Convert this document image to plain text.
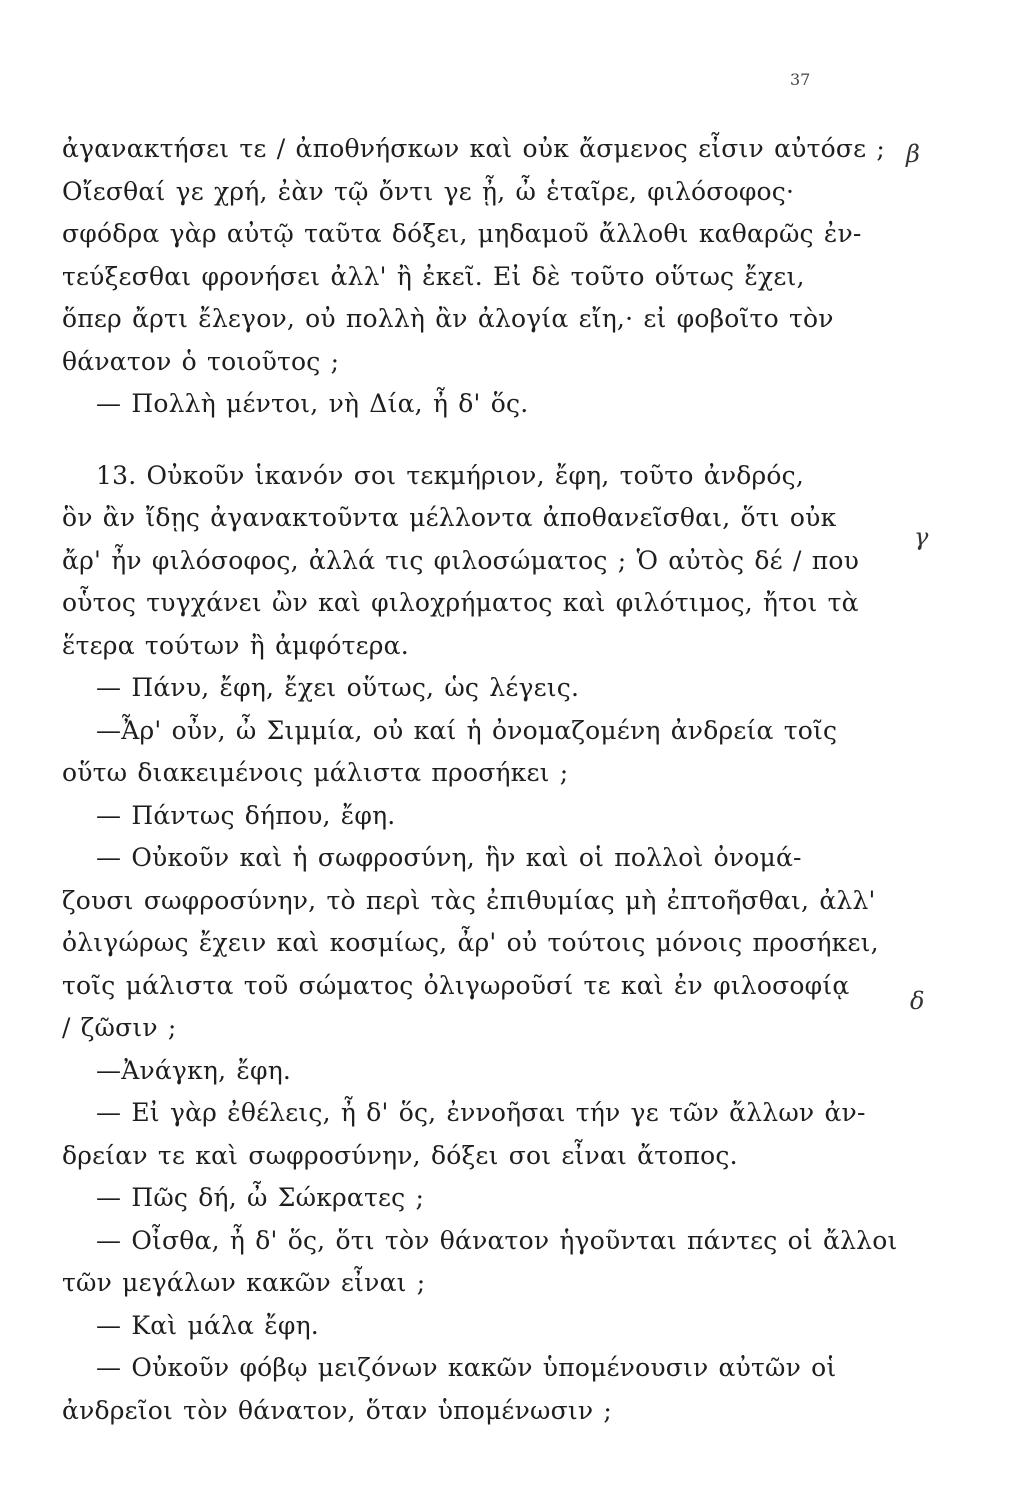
37
β
γ
δ
ἀγανακτήσει τε / ἀποθνήσκων καὶ οὐκ ἄσμενος εἶσιν αὐτόσε ;
Οἴεσθαί γε χρή, ἐὰν τῷ ὄντι γε ᾖ, ὦ ἑταῖρε, φιλόσοφος·
σφόδρα γὰρ αὐτῷ ταῦτα δόξει, μηδαμοῦ ἄλλοθι καθαρῶς ἐν-
τεύξεσθαι φρονήσει ἀλλ' ἢ ἐκεῖ. Εἰ δὲ τοῦτο οὕτως ἔχει,
ὅπερ ἄρτι ἔλεγον, οὐ πολλὴ ἂν ἀλογία εἴη,· εἰ φοβοῖτο τὸν
θάνατον ὁ τοιοῦτος ;
— Πολλὴ μέντοι, νὴ Δία, ἦ δ' ὅς.
13. Οὐκοῦν ἱκανόν σοι τεκμήριον, ἔφη, τοῦτο ἀνδρός,
ὃν ἂν ἴδῃς ἀγανακτοῦντα μέλλοντα ἀποθανεῖσθαι, ὅτι οὐκ
ἄρ' ἦν φιλόσοφος, ἀλλά τις φιλοσώματος ; Ὁ αὐτὸς δέ / που
οὗτος τυγχάνει ὢν καὶ φιλοχρήματος καὶ φιλότιμος, ἤτοι τὰ
ἕτερα τούτων ἢ ἀμφότερα.
— Πάνυ, ἔφη, ἔχει οὕτως, ὡς λέγεις.
—Ἆρ' οὖν, ὦ Σιμμία, οὐ καί ἡ ὀνομαζομένη ἀνδρεία τοῖς
οὕτω διακειμένοις μάλιστα προσήκει ;
— Πάντως δήπου, ἔφη.
— Οὐκοῦν καὶ ἡ σωφροσύνη, ἣν καὶ οἱ πολλοὶ ὀνομά-
ζουσι σωφροσύνην, τὸ περὶ τὰς ἐπιθυμίας μὴ ἐπτοῆσθαι, ἀλλ'
ὀλιγώρως ἔχειν καὶ κοσμίως, ἆρ' οὐ τούτοις μόνοις προσήκει,
τοῖς μάλιστα τοῦ σώματος ὀλιγωροῦσί τε καὶ ἐν φιλοσοφίᾳ
/ ζῶσιν ;
—Ἀνάγκη, ἔφη.
— Εἰ γὰρ ἐθέλεις, ἦ δ' ὅς, ἐννοῆσαι τήν γε τῶν ἄλλων ἀν-
δρείαν τε καὶ σωφροσύνην, δόξει σοι εἶναι ἄτοπος.
— Πῶς δή, ὦ Σώκρατες ;
— Οἶσθα, ἦ δ' ὅς, ὅτι τὸν θάνατον ἡγοῦνται πάντες οἱ ἄλλοι
τῶν μεγάλων κακῶν εἶναι ;
— Καὶ μάλα ἔφη.
— Οὐκοῦν φόβῳ μειζόνων κακῶν ὑπομένουσιν αὐτῶν οἱ
ἀνδρεῖοι τὸν θάνατον, ὅταν ὑπομένωσιν ;
